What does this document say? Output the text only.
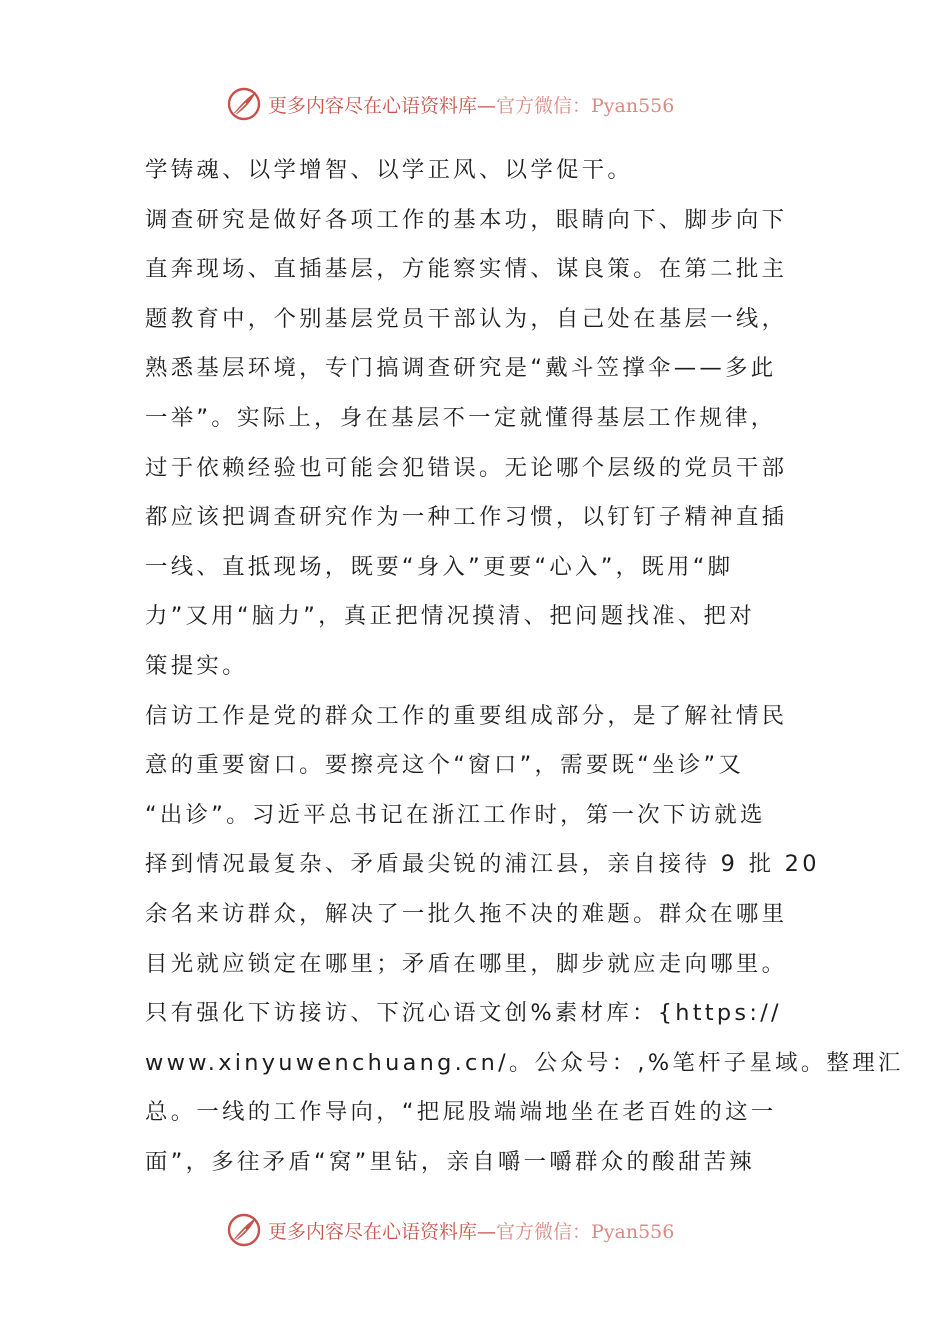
更多内容尽在心语资料库—官方微信：Pyan556
学铸魂、以学增智、以学正风、以学促干。
调查研究是做好各项工作的基本功，眼睛向下、脚步向下
直奔现场、直插基层，方能察实情、谋良策。在第二批主
题教育中，个别基层党员干部认为，自己处在基层一线，
熟悉基层环境，专门搞调查研究是“戴斗笠撑伞——多此
一举”。实际上，身在基层不一定就懂得基层工作规律，
过于依赖经验也可能会犯错误。无论哪个层级的党员干部
都应该把调查研究作为一种工作习惯，以钉钉子精神直插
一线、直抵现场，既要“身入”更要“心入”，既用“脚
力”又用“脑力”，真正把情况摸清、把问题找准、把对
策提实。
信访工作是党的群众工作的重要组成部分，是了解社情民
意的重要窗口。要擦亮这个“窗口”，需要既“坐诊”又
“出诊”。习近平总书记在浙江工作时，第一次下访就选
择到情况最复杂、矛盾最尖锐的浦江县，亲自接待 9 批 20
余名来访群众，解决了一批久拖不决的难题。群众在哪里
目光就应锁定在哪里；矛盾在哪里，脚步就应走向哪里。
只有强化下访接访、下沉心语文创%素材库：{https://
www.xinyuwenchuang.cn/。公众号：,%笔杆子星域。整理汇
总。一线的工作导向，“把屁股端端地坐在老百姓的这一
面”，多往矛盾“窝”里钻，亲自嚼一嚼群众的酸甜苦辣
更多内容尽在心语资料库—官方微信：Pyan556
